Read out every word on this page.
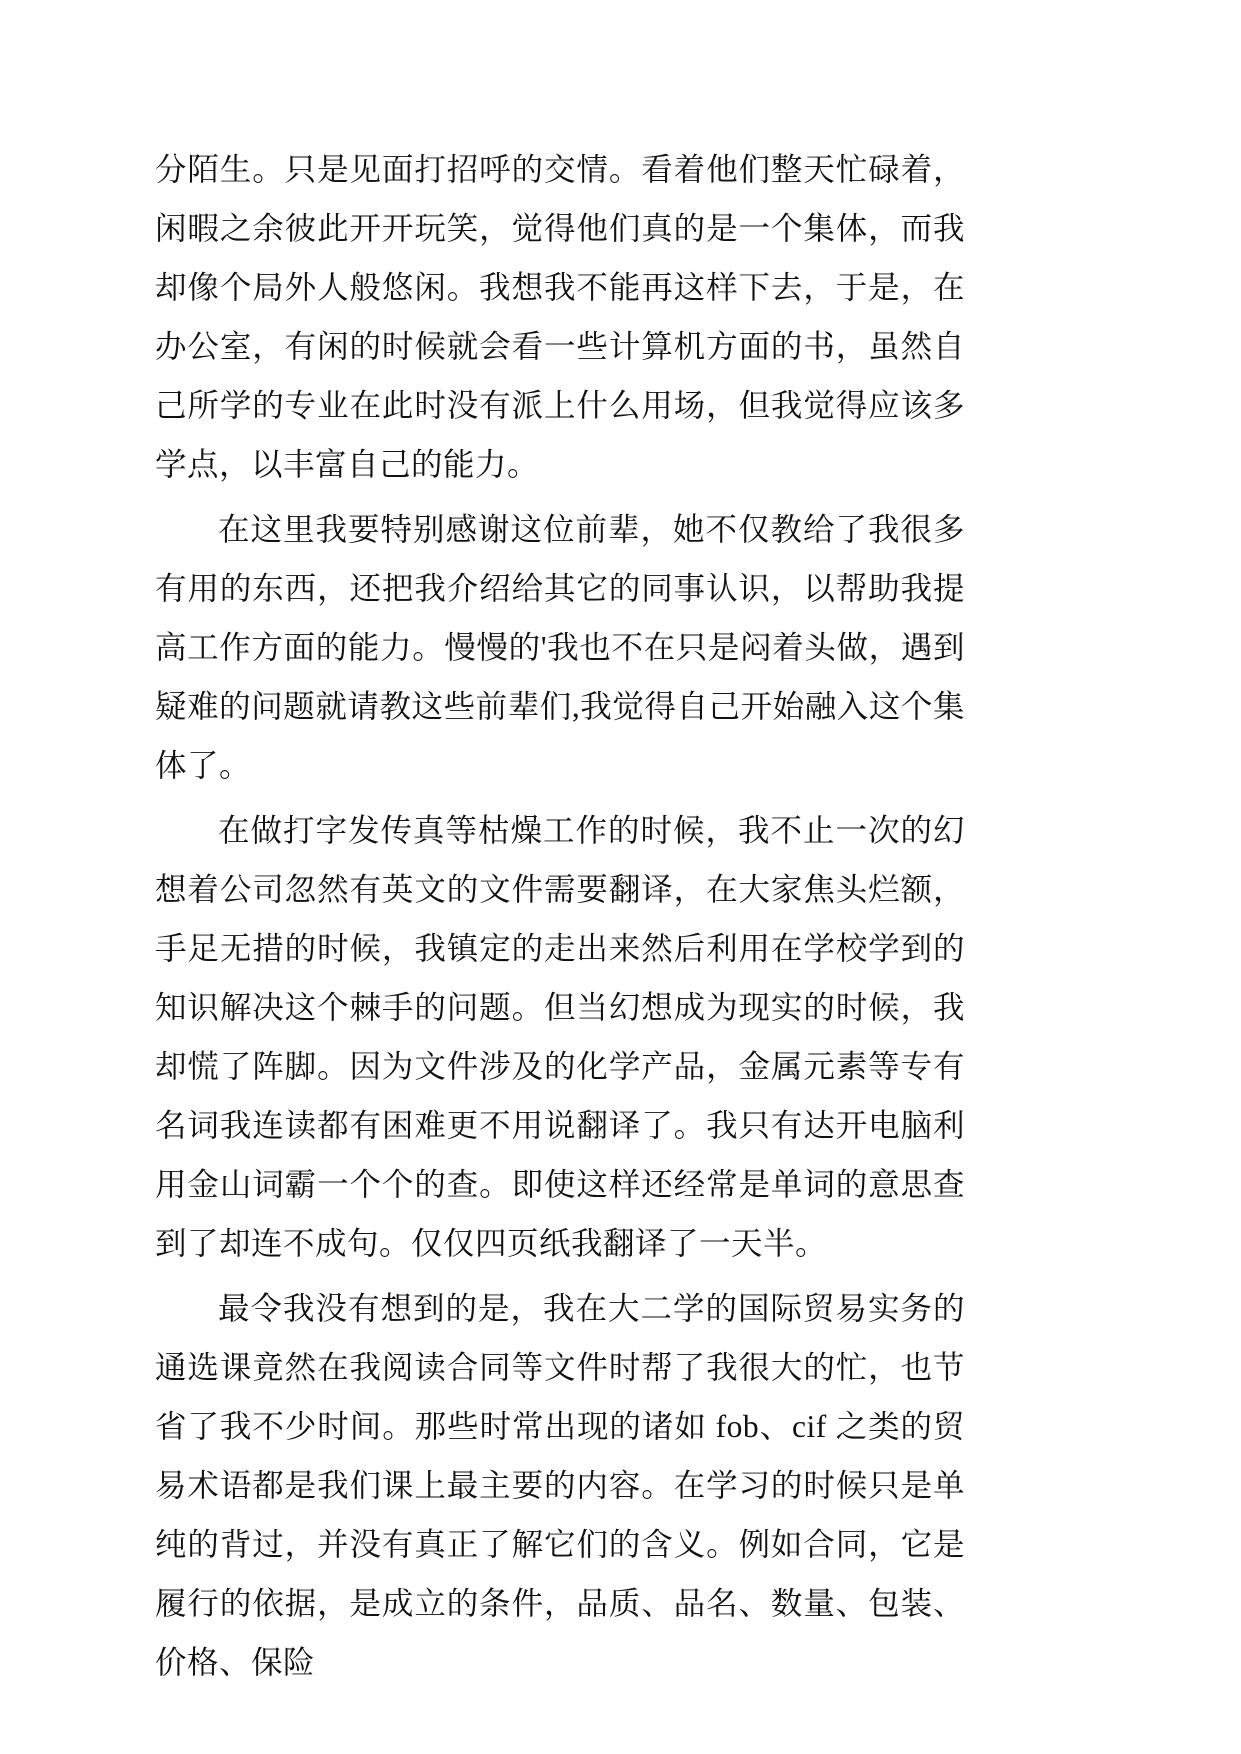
分陌生。只是见面打招呼的交情。看着他们整天忙碌着，闲暇之余彼此开开玩笑，觉得他们真的是一个集体，而我却像个局外人般悠闲。我想我不能再这样下去，于是，在办公室，有闲的时候就会看一些计算机方面的书，虽然自己所学的专业在此时没有派上什么用场，但我觉得应该多学点，以丰富自己的能力。

在这里我要特别感谢这位前辈，她不仅教给了我很多有用的东西，还把我介绍给其它的同事认识，以帮助我提高工作方面的能力。慢慢的'我也不在只是闷着头做，遇到疑难的问题就请教这些前辈们,我觉得自己开始融入这个集体了。

在做打字发传真等枯燥工作的时候，我不止一次的幻想着公司忽然有英文的文件需要翻译，在大家焦头烂额，手足无措的时候，我镇定的走出来然后利用在学校学到的知识解决这个棘手的问题。但当幻想成为现实的时候，我却慌了阵脚。因为文件涉及的化学产品，金属元素等专有名词我连读都有困难更不用说翻译了。我只有达开电脑利用金山词霸一个个的查。即使这样还经常是单词的意思查到了却连不成句。仅仅四页纸我翻译了一天半。

最令我没有想到的是，我在大二学的国际贸易实务的通选课竟然在我阅读合同等文件时帮了我很大的忙，也节省了我不少时间。那些时常出现的诸如 fob、cif 之类的贸易术语都是我们课上最主要的内容。在学习的时候只是单纯的背过，并没有真正了解它们的含义。例如合同，它是履行的依据，是成立的条件，品质、品名、数量、包装、价格、保险
